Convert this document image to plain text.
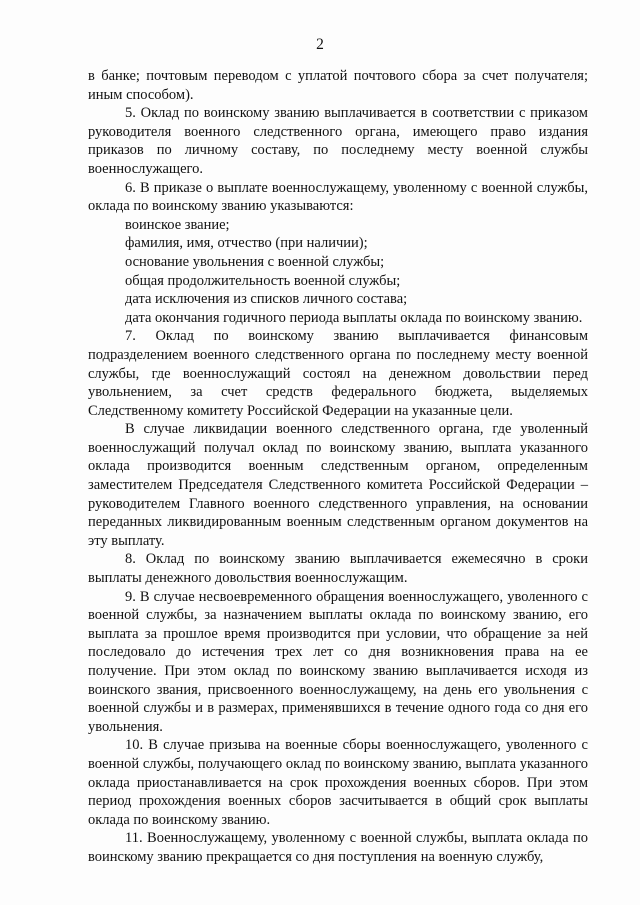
2

в банке; почтовым переводом с уплатой почтового сбора за счет получателя; иным способом).

5. Оклад по воинскому званию выплачивается в соответствии с приказом руководителя военного следственного органа, имеющего право издания приказов по личному составу, по последнему месту военной службы военнослужащего.

6. В приказе о выплате военнослужащему, уволенному с военной службы, оклада по воинскому званию указываются:

воинское звание;

фамилия, имя, отчество (при наличии);

основание увольнения с военной службы;

общая продолжительность военной службы;

дата исключения из списков личного состава;

дата окончания годичного периода выплаты оклада по воинскому званию.

7. Оклад по воинскому званию выплачивается финансовым подразделением военного следственного органа по последнему месту военной службы, где военнослужащий состоял на денежном довольствии перед увольнением, за счет средств федерального бюджета, выделяемых Следственному комитету Российской Федерации на указанные цели.

В случае ликвидации военного следственного органа, где уволенный военнослужащий получал оклад по воинскому званию, выплата указанного оклада производится военным следственным органом, определенным заместителем Председателя Следственного комитета Российской Федерации – руководителем Главного военного следственного управления, на основании переданных ликвидированным военным следственным органом документов на эту выплату.

8. Оклад по воинскому званию выплачивается ежемесячно в сроки выплаты денежного довольствия военнослужащим.

9. В случае несвоевременного обращения военнослужащего, уволенного с военной службы, за назначением выплаты оклада по воинскому званию, его выплата за прошлое время производится при условии, что обращение за ней последовало до истечения трех лет со дня возникновения права на ее получение. При этом оклад по воинскому званию выплачивается исходя из воинского звания, присвоенного военнослужащему, на день его увольнения с военной службы и в размерах, применявшихся в течение одного года со дня его увольнения.

10. В случае призыва на военные сборы военнослужащего, уволенного с военной службы, получающего оклад по воинскому званию, выплата указанного оклада приостанавливается на срок прохождения военных сборов. При этом период прохождения военных сборов засчитывается в общий срок выплаты оклада по воинскому званию.

11. Военнослужащему, уволенному с военной службы, выплата оклада по воинскому званию прекращается со дня поступления на военную службу,
